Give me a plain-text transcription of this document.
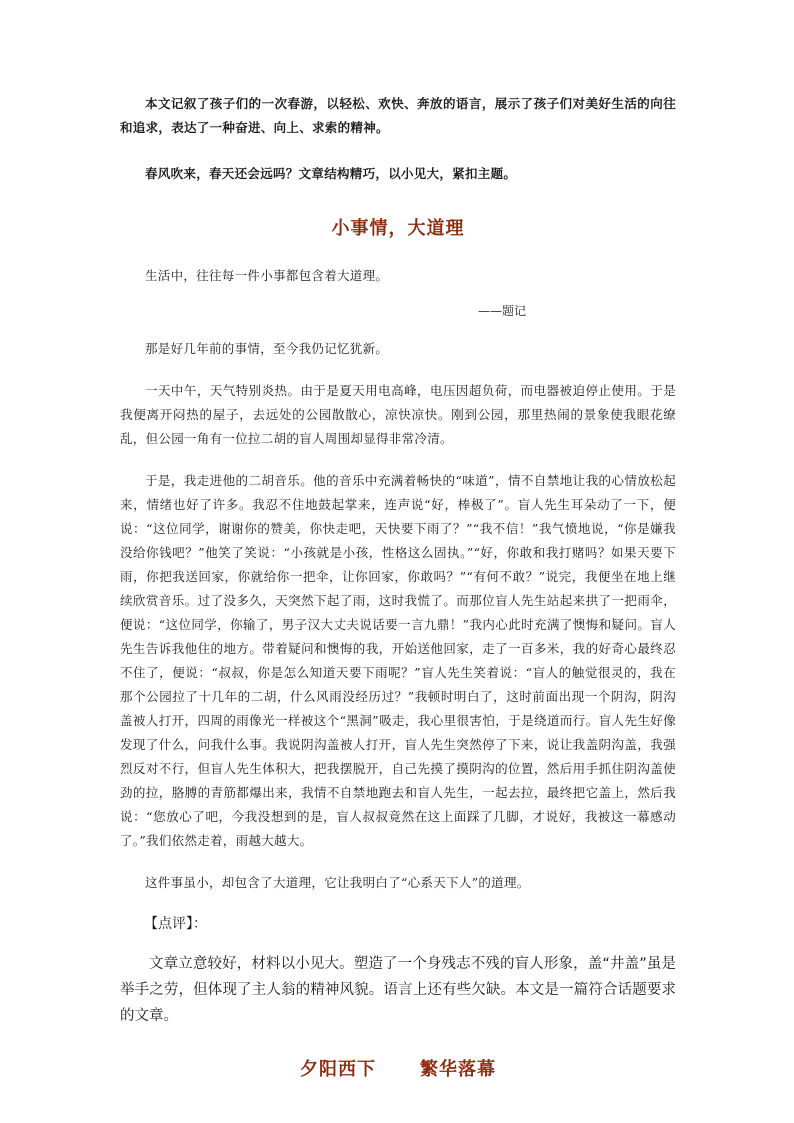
本文记叙了孩子们的一次春游，以轻松、欢快、奔放的语言，展示了孩子们对美好生活的向往和追求，表达了一种奋进、向上、求索的精神。

春风吹来，春天还会远吗？文章结构精巧，以小见大，紧扣主题。

小事情，大道理

生活中，往往每一件小事都包含着大道理。

——题记

那是好几年前的事情，至今我仍记忆犹新。

一天中午，天气特别炎热。由于是夏天用电高峰，电压因超负荷，而电器被迫停止使用。于是我便离开闷热的屋子，去远处的公园散散心，凉快凉快。刚到公园，那里热闹的景象使我眼花缭乱，但公园一角有一位拉二胡的盲人周围却显得非常冷清。

于是，我走进他的二胡音乐。他的音乐中充满着畅快的“味道”，情不自禁地让我的心情放松起来，情绪也好了许多。我忍不住地鼓起掌来，连声说“好，棒极了”。盲人先生耳朵动了一下，便说：“这位同学，谢谢你的赞美，你快走吧，天快要下雨了？”“我不信！”我气愤地说，“你是嫌我没给你钱吧？”他笑了笑说：“小孩就是小孩，性格这么固执。”“好，你敢和我打赌吗？如果天要下雨，你把我送回家，你就给你一把伞，让你回家，你敢吗？”“有何不敢？”说完，我便坐在地上继续欣赏音乐。过了没多久，天突然下起了雨，这时我慌了。而那位盲人先生站起来拱了一把雨伞，便说：“这位同学，你输了，男子汉大丈夫说话要一言九鼎！”我内心此时充满了懊悔和疑问。盲人先生告诉我他住的地方。带着疑问和懊悔的我，开始送他回家，走了一百多米，我的好奇心最终忍不住了，便说：“叔叔，你是怎么知道天要下雨呢？”盲人先生笑着说：“盲人的触觉很灵的，我在那个公园拉了十几年的二胡，什么风雨没经历过？”我顿时明白了，这时前面出现一个阴沟，阴沟盖被人打开，四周的雨像光一样被这个“黑洞”吸走，我心里很害怕，于是绕道而行。盲人先生好像发现了什么，问我什么事。我说阴沟盖被人打开，盲人先生突然停了下来，说让我盖阴沟盖，我强烈反对不行，但盲人先生体积大，把我摆脱开，自己先摸了摸阴沟的位置，然后用手抓住阴沟盖使劲的拉，胳膊的青筋都爆出来，我情不自禁地跑去和盲人先生，一起去拉，最终把它盖上，然后我说：“您放心了吧，今我没想到的是，盲人叔叔竟然在这上面踩了几脚，才说好，我被这一幕感动了。”我们依然走着，雨越大越大。

这件事虽小，却包含了大道理，它让我明白了“心系天下人”的道理。

【点评】：

文章立意较好，材料以小见大。塑造了一个身残志不残的盲人形象，盖“井盖”虽是举手之劳，但体现了主人翁的精神风貌。语言上还有些欠缺。本文是一篇符合话题要求的文章。

夕阳西下 繁华落幕
